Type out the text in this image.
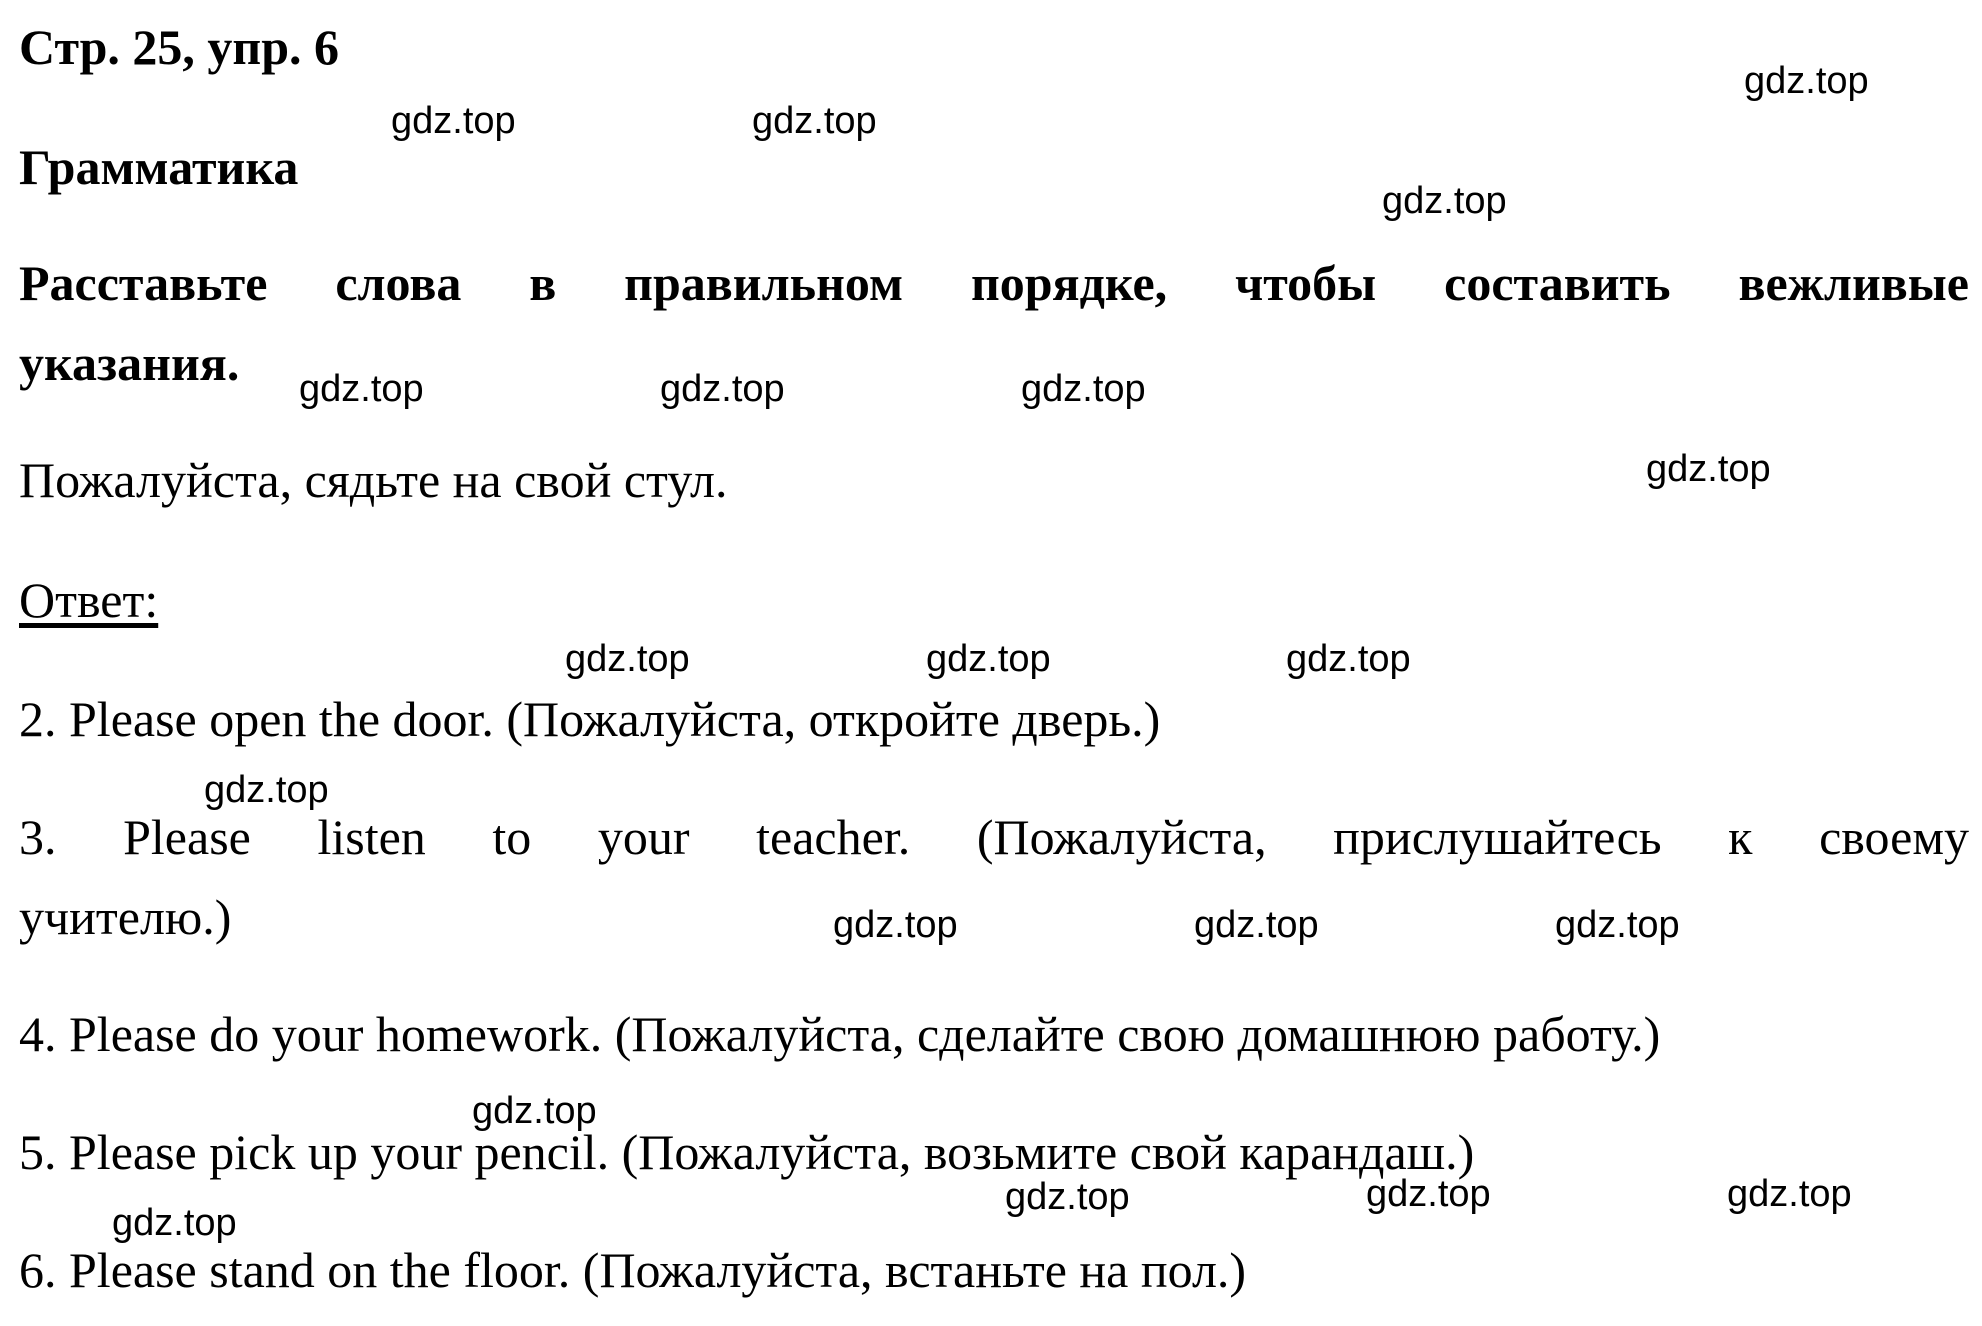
Стр. 25, упр. 6
Грамматика
Расставьте слова в правильном порядке, чтобы составить вежливые
указания.
Пожалуйста, сядьте на свой стул.
Ответ:
2. Please open the door. (Пожалуйста, откройте дверь.)
3. Please listen to your teacher. (Пожалуйста, прислушайтесь к своему
учителю.)
4. Please do your homework. (Пожалуйста, сделайте свою домашнюю работу.)
5. Please pick up your pencil. (Пожалуйста, возьмите свой карандаш.)
6. Please stand on the floor. (Пожалуйста, встаньте на пол.)
gdz.top
gdz.top	gdz.top
gdz.top
gdz.top	gdz.top	gdz.top
gdz.top
gdz.top	gdz.top	gdz.top
gdz.top
gdz.top	gdz.top	gdz.top
gdz.top
gdz.top	gdz.top	gdz.top
gdz.top
